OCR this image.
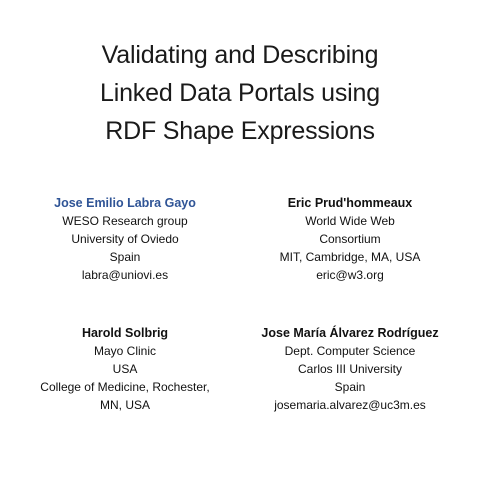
Validating and Describing
Linked Data Portals using
RDF Shape Expressions
Jose Emilio Labra Gayo
WESO Research group
University of Oviedo
Spain
labra@uniovi.es
Eric Prud'hommeaux
World Wide Web
Consortium
MIT, Cambridge, MA, USA
eric@w3.org
Harold Solbrig
Mayo Clinic
USA
College of Medicine, Rochester,
MN, USA
Jose María Álvarez Rodríguez
Dept. Computer Science
Carlos III University
Spain
josemaria.alvarez@uc3m.es
